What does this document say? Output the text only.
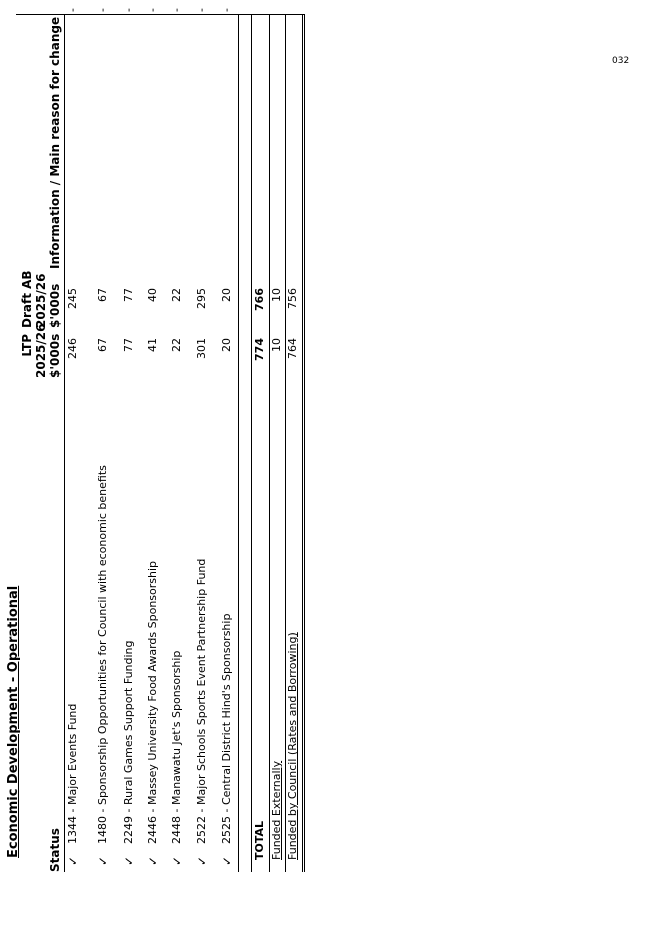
Economic Development - Operational Status
LTP 2025/26 $'000s
Draft AB 2025/26 $'000s
Information / Main reason for change
✓
1344 - Major Events Fund
246
245
-
✓
1480 - Sponsorship Opportunities for Council with economic benefits
67
67
-
✓
2249 - Rural Games Support Funding
77
77
-
✓
2446 - Massey University Food Awards Sponsorship
41
40
-
✓
2448 - Manawatu Jet's Sponsorship
22
22
-
✓
2522 - Major Schools Sports Event Partnership Fund
301
295
-
✓
2525 - Central District Hind's Sponsorship
20
20
-
TOTAL
774
766
Funded Externally
10
10
Funded by Council (Rates and Borrowing)
764
756
032
